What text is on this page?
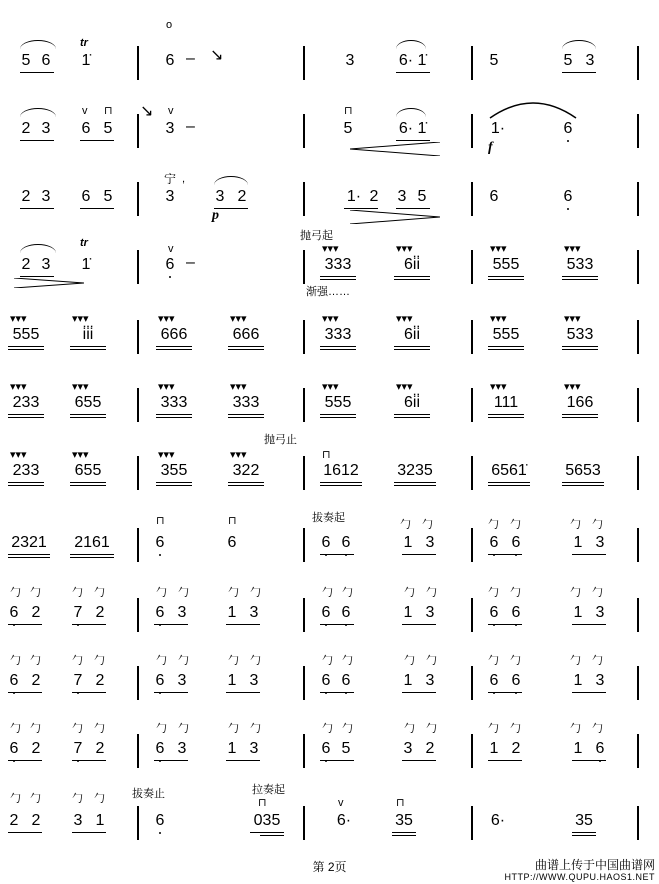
tr
5 6 1̇
o
6 – ↘	3	6· 1̇	5	5 3
2 3
v ⊓
6 5
↘ v
3 –
⊓
5	6· 1̇	1·
f
6
2 3 6 5
宁 ,
3	3 2
p
1· 2 3 5	6	6
tr
2 3 1̇
v
6 –
抛弓起
▾▾▾
333
▾▾▾
6i̇i̇
渐强……
▾▾▾
555
▾▾▾
533
▾▾▾
555
▾▾▾
i̇i̇i̇
▾▾▾
666
▾▾▾
666
▾▾▾
333
▾▾▾
6i̇i̇
▾▾▾
555
▾▾▾
533
▾▾▾
233
▾▾▾
655
▾▾▾
333
▾▾▾
333
▾▾▾
555
▾▾▾
6i̇i̇
▾▾▾
111
▾▾▾
166
▾▾▾
233
▾▾▾
655
▾▾▾
355
▾▾▾
抛弓止
322
⊓
1612 3235	6561̇ 5653
2321 2161
⊓
6
⊓
6
拔奏起
6 6
勹 勹
1 3
勹 勹
6 6
勹 勹
1 3
勹 勹	勹 勹
6 2 7 2
勹 勹	勹 勹
6 3	1 3
勹 勹	勹 勹
6 6	1 3
勹 勹	勹 勹
6 6	1 3
勹 勹	勹 勹
6 2 7 2
勹 勹	勹 勹
6 3	1 3
勹 勹	勹 勹
6 6	1 3
勹 勹	勹 勹
6 6	1 3
勹 勹	勹 勹
6 2 7 2
勹 勹	勹 勹
6 3	1 3
勹 勹	勹 勹
6 5	3 2
勹 勹	勹 勹
1 2	1 6
勹 勹	勹 勹
2 2 3 1
拔奏止
6
拉奏起
⊓
035
v
6·
⊓
35	6·	35
第 2页	曲谱上传于中国曲谱网
HTTP://WWW.QUPU.HAOS1.NET
